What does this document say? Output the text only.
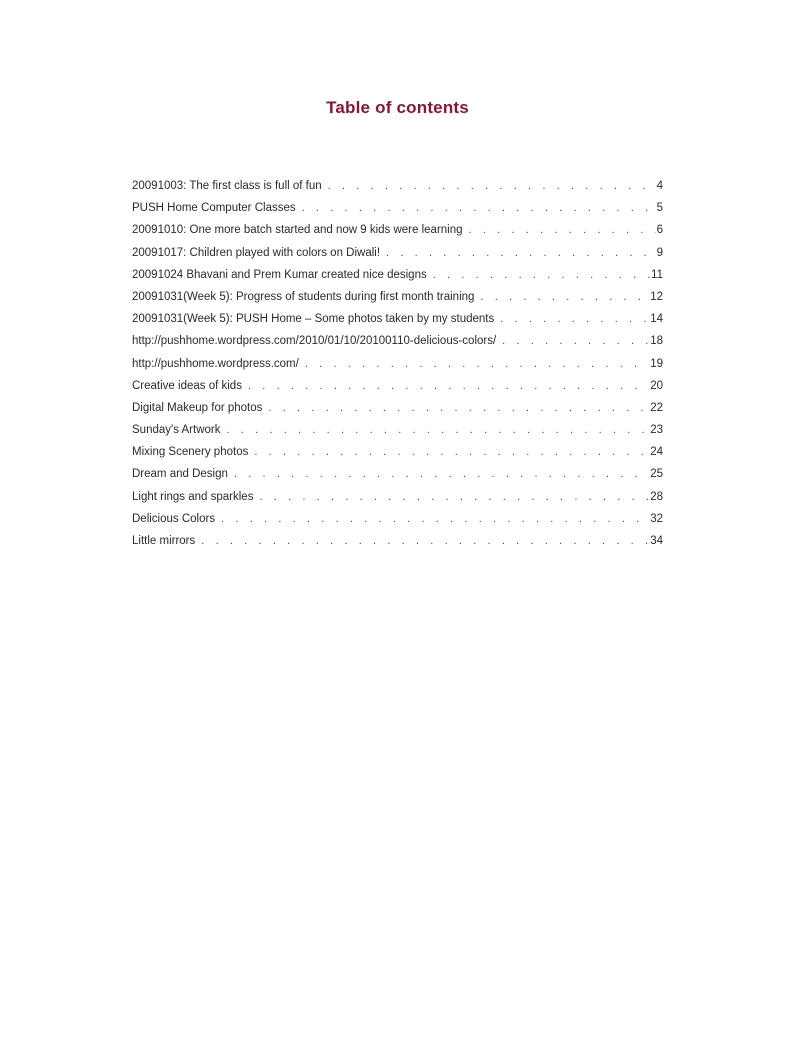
Table of contents
20091003: The first class is full of fun . . .	4
PUSH Home Computer Classes . . .	5
20091010: One more batch started and now 9 kids were learning . . .	6
20091017: Children played with colors on Diwali! . . .	9
20091024 Bhavani and Prem Kumar created nice designs . . .	11
20091031(Week 5): Progress of students during first month training . . .	12
20091031(Week 5): PUSH Home – Some photos taken by my students . . .	14
http://pushhome.wordpress.com/2010/01/10/20100110-delicious-colors/ . . .	18
http://pushhome.wordpress.com/ . . .	19
Creative ideas of kids . . .	20
Digital Makeup for photos . . .	22
Sunday's Artwork . . .	23
Mixing Scenery photos . . .	24
Dream and Design . . .	25
Light rings and sparkles . . .	28
Delicious Colors . . .	32
Little mirrors . . .	34
